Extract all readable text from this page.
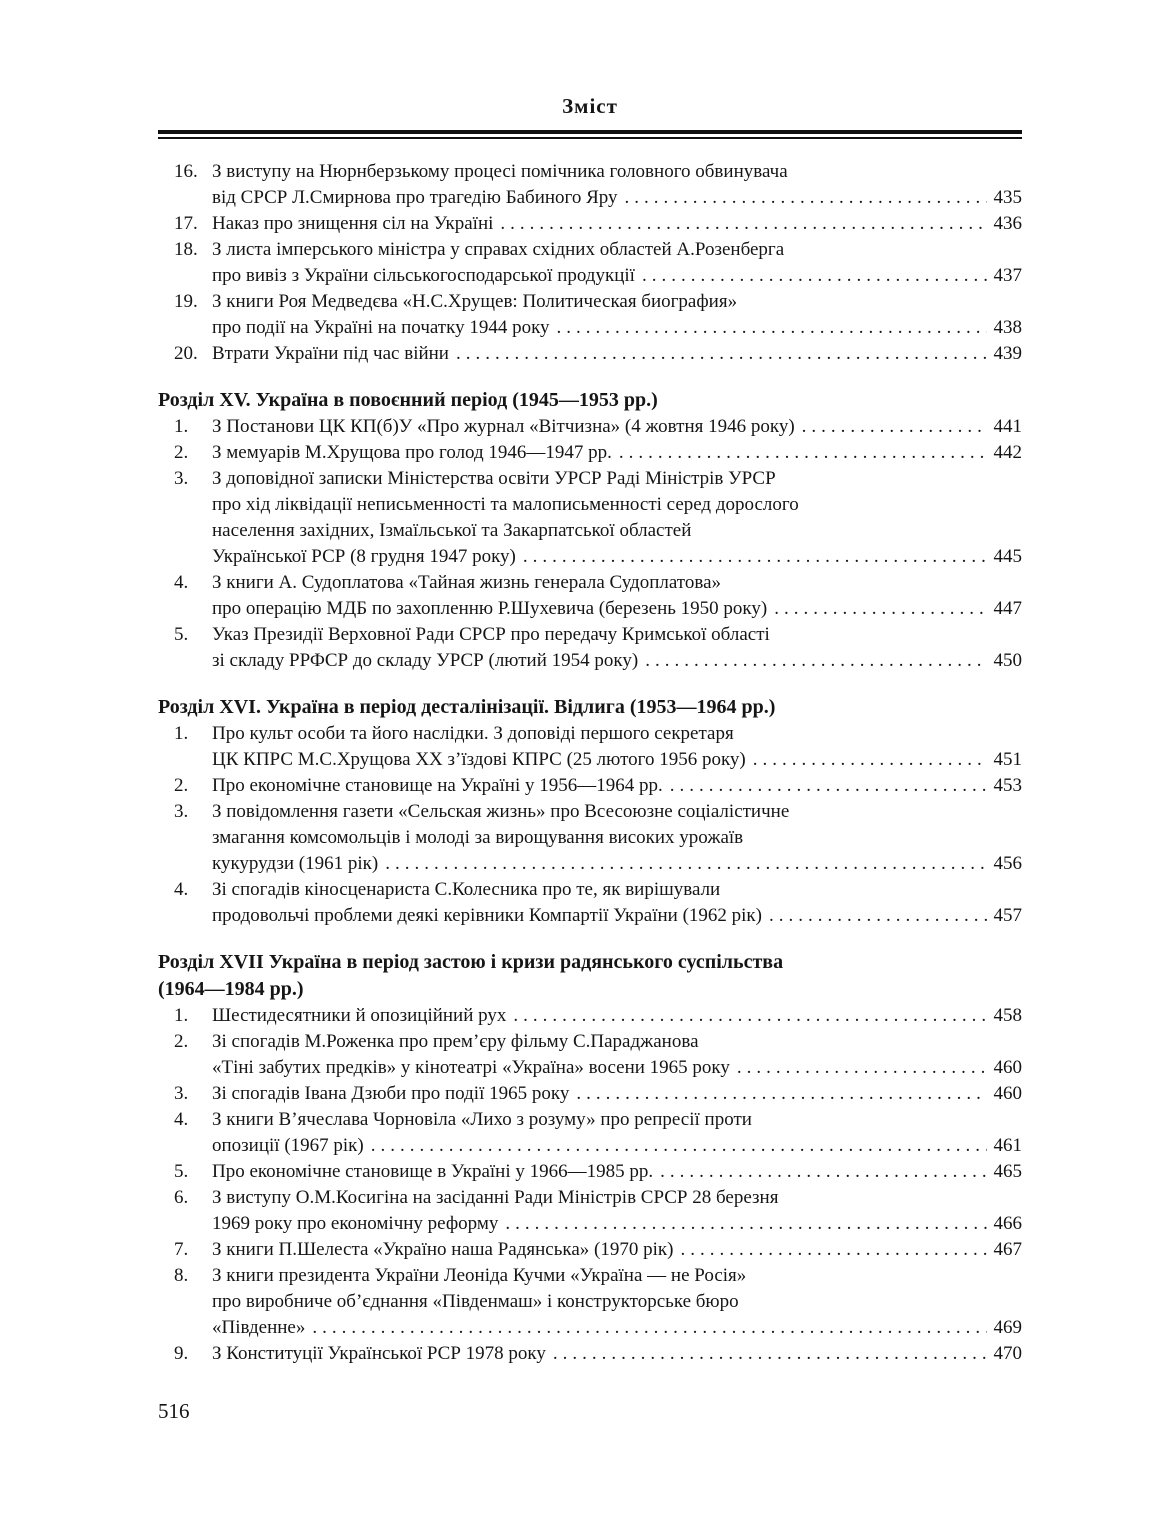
Зміст
16. З виступу на Нюрнберзькому процесі помічника головного обвинувача
від СРСР Л.Смирнова про трагедію Бабиного Яру .....	435
17. Наказ про знищення сіл на Україні .....	436
18. З листа імперського міністра у справах східних областей А.Розенберга
про вивіз з України сільськогосподарської продукції .....	437
19. З книги Роя Медведєва «Н.С.Хрущев: Политическая биография»
про події на Україні на початку 1944 року .....	438
20. Втрати України під час війни .....	439
Розділ XV. Україна в повоєнний період (1945—1953 рр.)
1.	З Постанови ЦК КП(б)У «Про журнал «Вітчизна» (4 жовтня 1946 року) .....	441
2.	З мемуарів М.Хрущова про голод 1946—1947 рр. .....	442
3.	З доповідної записки Міністерства освіти УРСР Раді Міністрів УРСР
про хід ліквідації неписьменності та малописьменності серед дорослого
населення західних, Ізмаїльської та Закарпатської областей
Української РСР (8 грудня 1947 року) .....	445
4.	З книги А. Судоплатова «Тайная жизнь генерала Судоплатова»
про операцію МДБ по захопленню Р.Шухевича (березень 1950 року) .....	447
5.	Указ Президії Верховної Ради СРСР про передачу Кримської області
зі складу РРФСР до складу УРСР (лютий 1954 року) .....	450
Розділ XVI. Україна в період десталінізації. Відлига (1953—1964 рр.)
1.	Про культ особи та його наслідки. З доповіді першого секретаря
ЦК КПРС М.С.Хрущова XX з’їздові КПРС (25 лютого 1956 року) .....	451
2.	Про економічне становище на Україні у 1956—1964 рр. .....	453
3.	З повідомлення газети «Сельская жизнь» про Всесоюзне соціалістичне
змагання комсомольців і молоді за вирощування високих урожаїв
кукурудзи (1961 рік) .....	456
4.	Зі спогадів кіносценариста С.Колесника про те, як вирішували
продовольчі проблеми деякі керівники Компартії України (1962 рік) .....	457
Розділ XVII Україна в період застою і кризи радянського суспільства
(1964—1984 рр.)
1.	Шестидесятники й опозиційний рух .....	458
2.	Зі спогадів М.Роженка про прем’єру фільму С.Параджанова
«Тіні забутих предків» у кінотеатрі «Україна» восени 1965 року .....	460
3.	Зі спогадів Івана Дзюби про події 1965 року .....	460
4.	З книги В’ячеслава Чорновіла «Лихо з розуму» про репресії проти
опозиції (1967 рік) .....	461
5.	Про економічне становище в Україні у 1966—1985 рр. .....	465
6.	З виступу О.М.Косигіна на засіданні Ради Міністрів СРСР 28 березня
1969 року про економічну реформу .....	466
7.	З книги П.Шелеста «Україно наша Радянська» (1970 рік) .....	467
8.	З книги президента України Леоніда Кучми «Україна — не Росія»
про виробниче об’єднання «Південмаш» і конструкторське бюро
«Південне» .....	469
9.	З Конституції Української РСР 1978 року .....	470
516
